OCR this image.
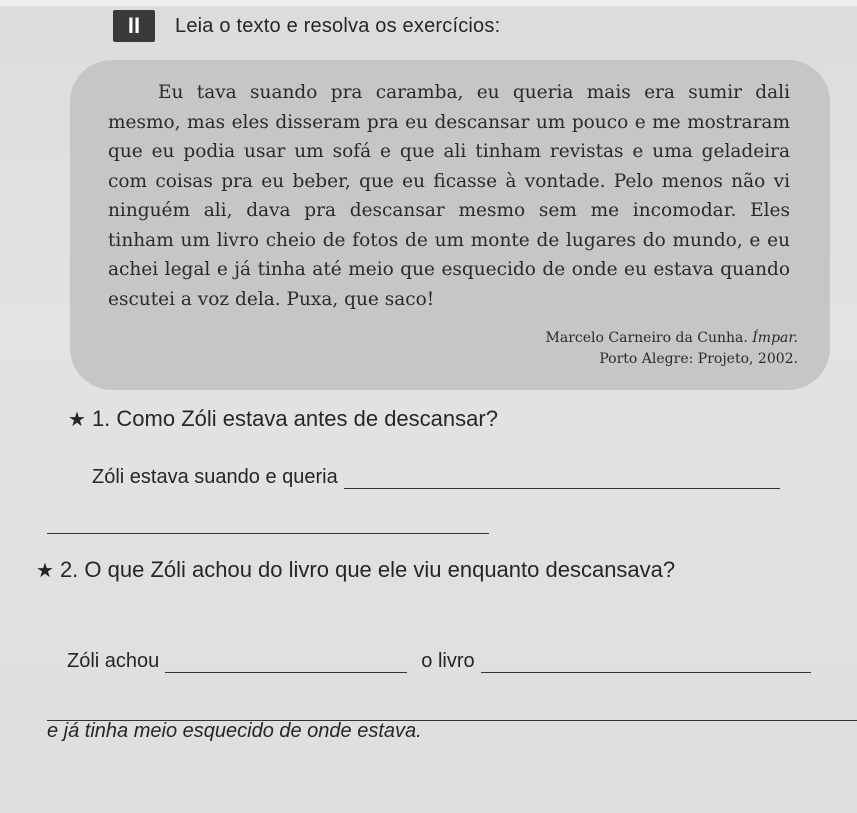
II	Leia o texto e resolva os exercícios:

Eu tava suando pra caramba, eu queria mais era sumir dali mesmo, mas eles disseram pra eu descansar um pouco e me mostraram que eu podia usar um sofá e que ali tinham revistas e uma geladeira com coisas pra eu beber, que eu ficasse à vontade. Pelo menos não vi ninguém ali, dava pra descansar mesmo sem me incomodar. Eles tinham um livro cheio de fotos de um monte de lugares do mundo, e eu achei legal e já tinha até meio que esquecido de onde eu estava quando escutei a voz dela. Puxa, que saco!

Marcelo Carneiro da Cunha. Ímpar.
Porto Alegre: Projeto, 2002.
★ 1. Como Zóli estava antes de descansar?
Zóli estava suando e queria
★ 2. O que Zóli achou do livro que ele viu enquanto descansava?
Zóli achou	o livro
e já tinha meio esquecido de onde estava.
